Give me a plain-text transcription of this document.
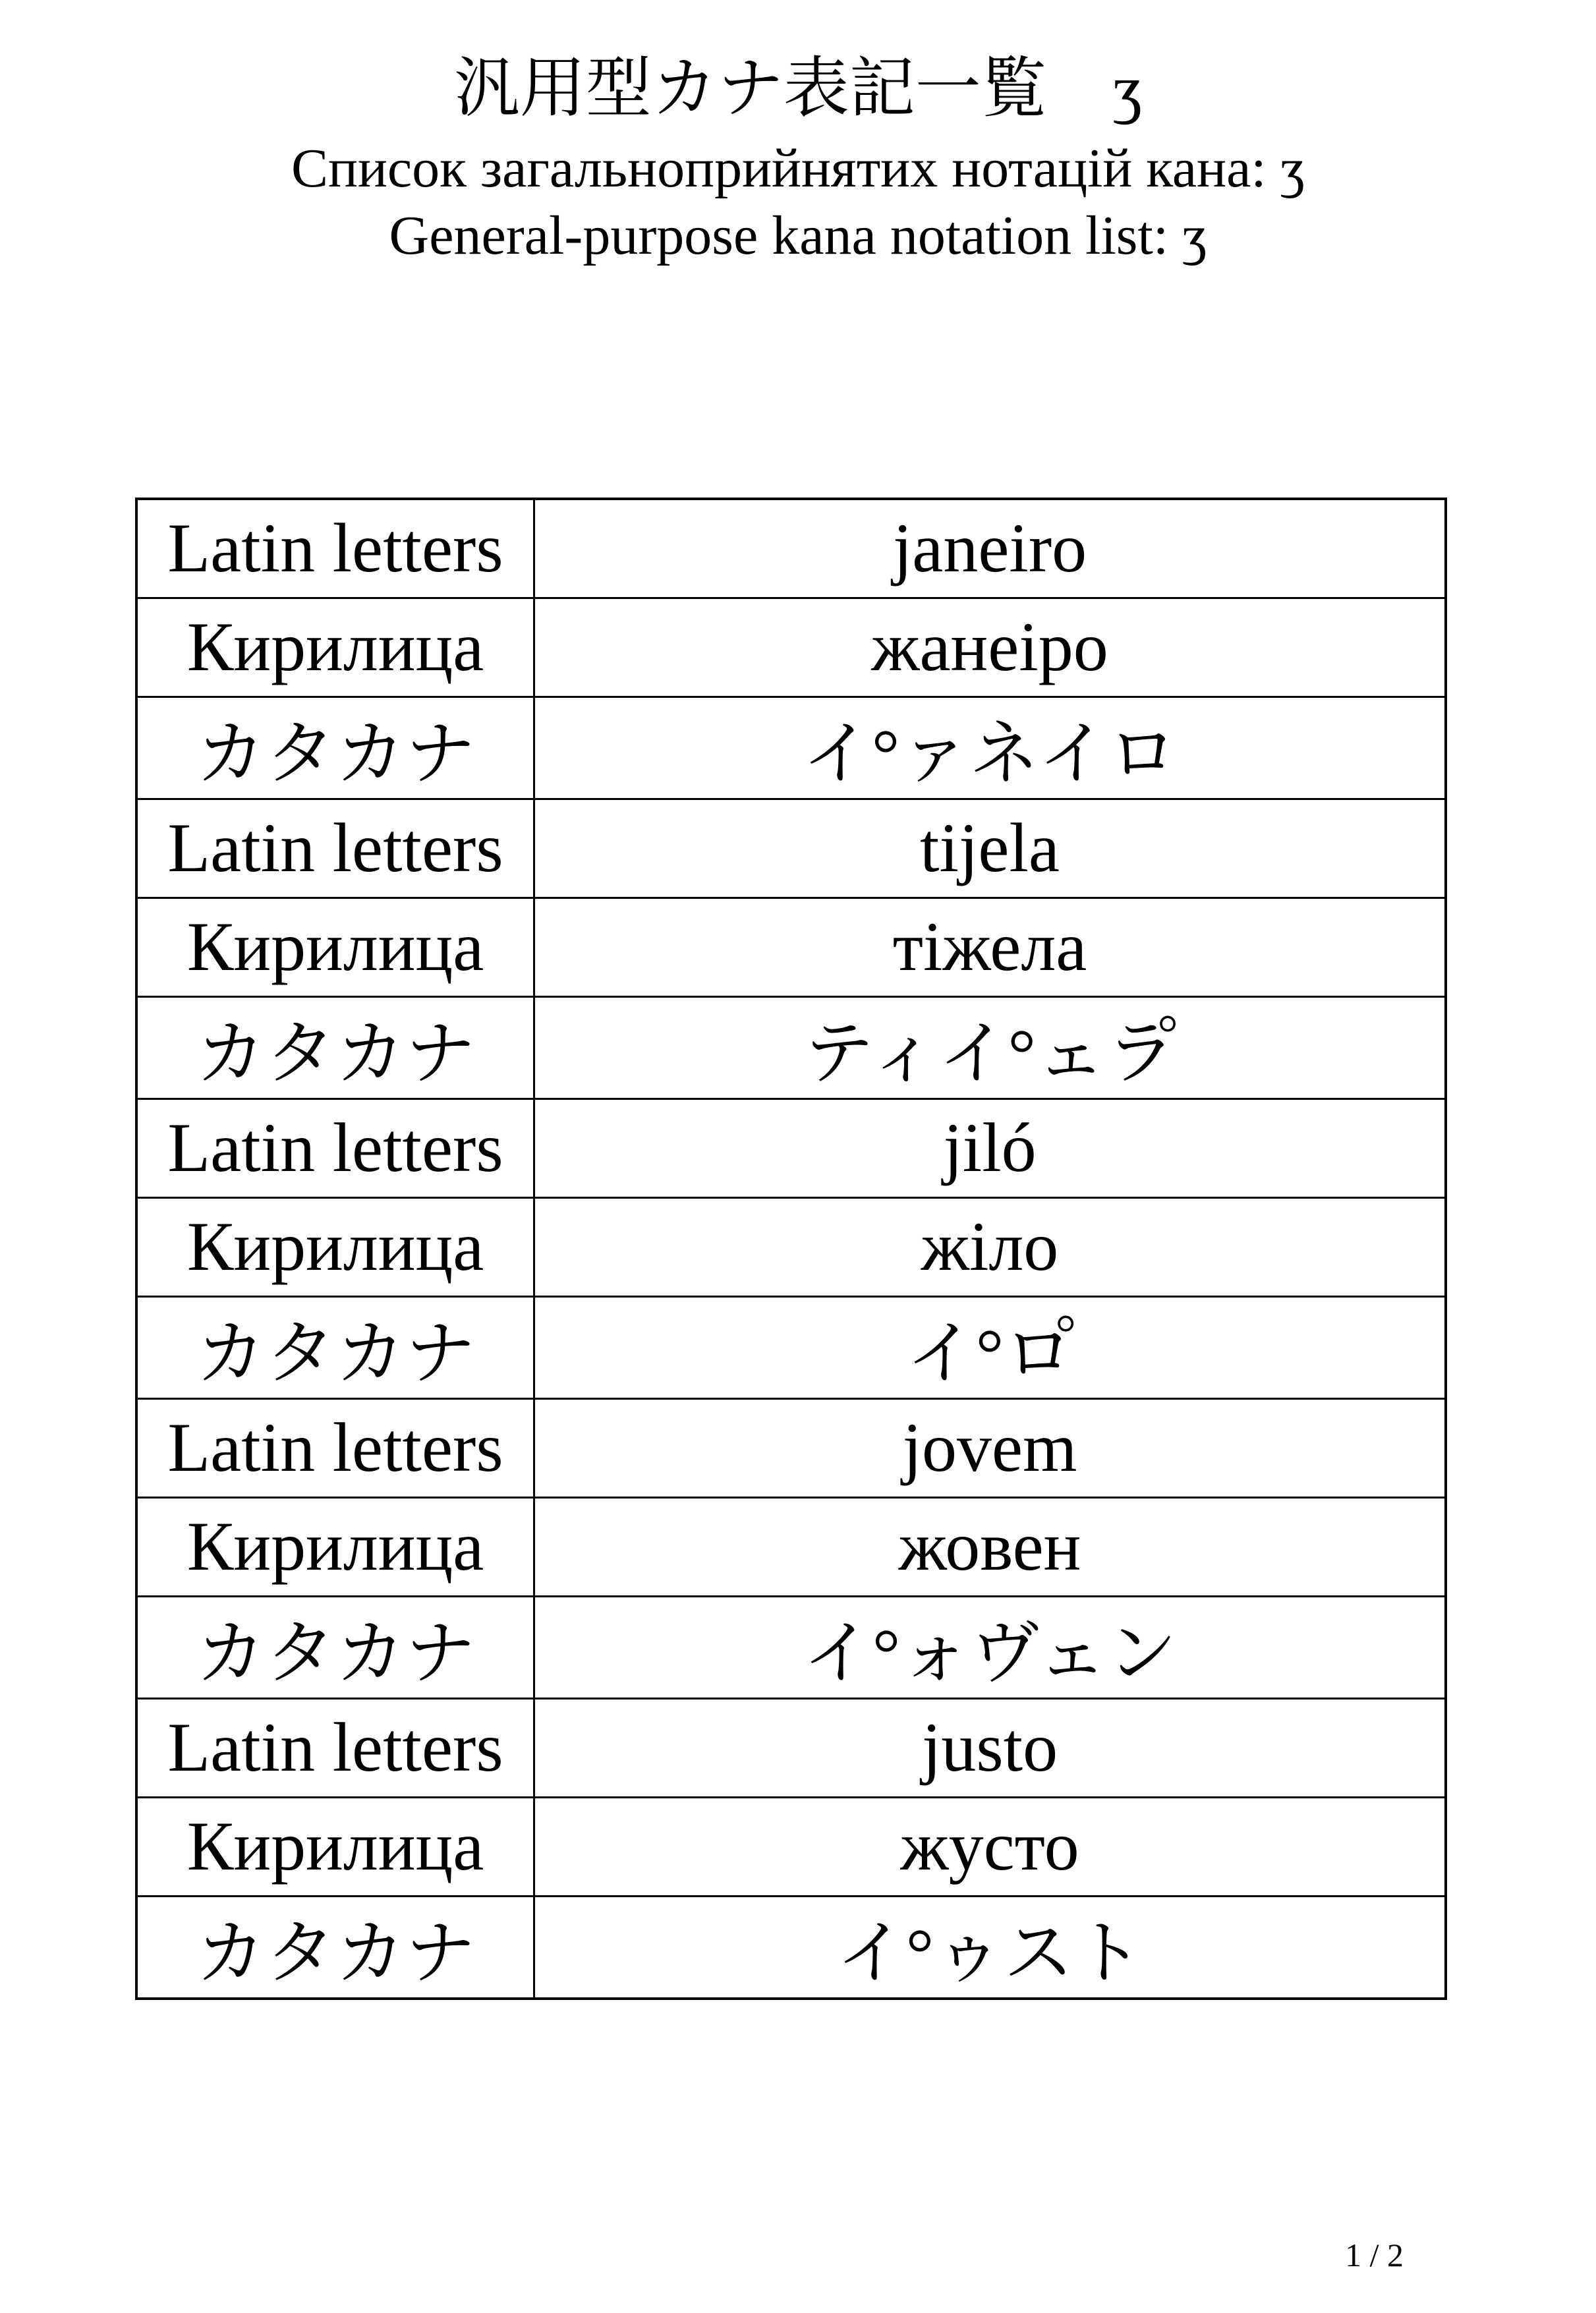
汎用型カナ表記一覧　ʒ
Список загальноприйнятих нотацій кана: ʒ
General-purpose kana notation list: ʒ
Latin letters	janeiro
Кирилица	жанеіро
カタカナ	イ°ァネイロ
Latin letters	tijela
Кирилица	тіжела
カタカナ	ティイ°ェラ゚
Latin letters	jiló
Кирилица	жіло
カタカナ	イ°ロ゚
Latin letters	jovem
Кирилица	жовен
カタカナ	イ°ォヴェン
Latin letters	justo
Кирилица	жусто
カタカナ	イ°ゥスト
1 / 2
